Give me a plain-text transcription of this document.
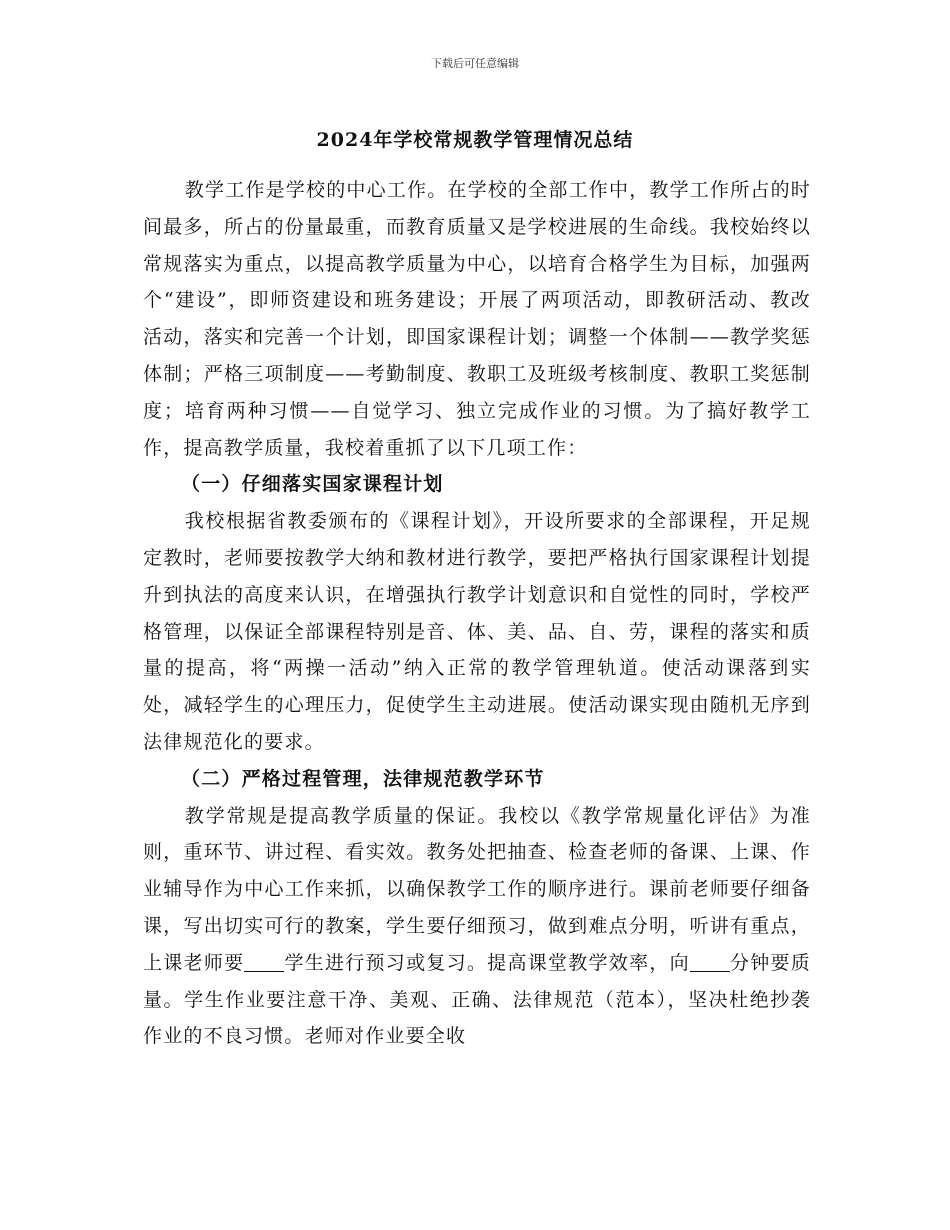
下载后可任意编辑
2024年学校常规教学管理情况总结

教学工作是学校的中心工作。在学校的全部工作中，教学工作所占的时间最多，所占的份量最重，而教育质量又是学校进展的生命线。我校始终以常规落实为重点，以提高教学质量为中心，以培育合格学生为目标，加强两个“建设”，即师资建设和班务建设；开展了两项活动，即教研活动、教改活动，落实和完善一个计划，即国家课程计划；调整一个体制——教学奖惩体制；严格三项制度——考勤制度、教职工及班级考核制度、教职工奖惩制度；培育两种习惯——自觉学习、独立完成作业的习惯。为了搞好教学工作，提高教学质量，我校着重抓了以下几项工作：

（一）仔细落实国家课程计划

我校根据省教委颁布的《课程计划》，开设所要求的全部课程，开足规定教时，老师要按教学大纳和教材进行教学，要把严格执行国家课程计划提升到执法的高度来认识，在增强执行教学计划意识和自觉性的同时，学校严格管理，以保证全部课程特别是音、体、美、品、自、劳，课程的落实和质量的提高，将“两操一活动”纳入正常的教学管理轨道。使活动课落到实处，减轻学生的心理压力，促使学生主动进展。使活动课实现由随机无序到法律规范化的要求。

（二）严格过程管理，法律规范教学环节

教学常规是提高教学质量的保证。我校以《教学常规量化评估》为准则，重环节、讲过程、看实效。教务处把抽查、检查老师的备课、上课、作业辅导作为中心工作来抓，以确保教学工作的顺序进行。课前老师要仔细备课，写出切实可行的教案，学生要仔细预习，做到难点分明，听讲有重点，上课老师要 学生进行预习或复习。提高课堂教学效率，向 分钟要质量。学生作业要注意干净、美观、正确、法律规范（范本），坚决杜绝抄袭作业的不良习惯。老师对作业要全收
